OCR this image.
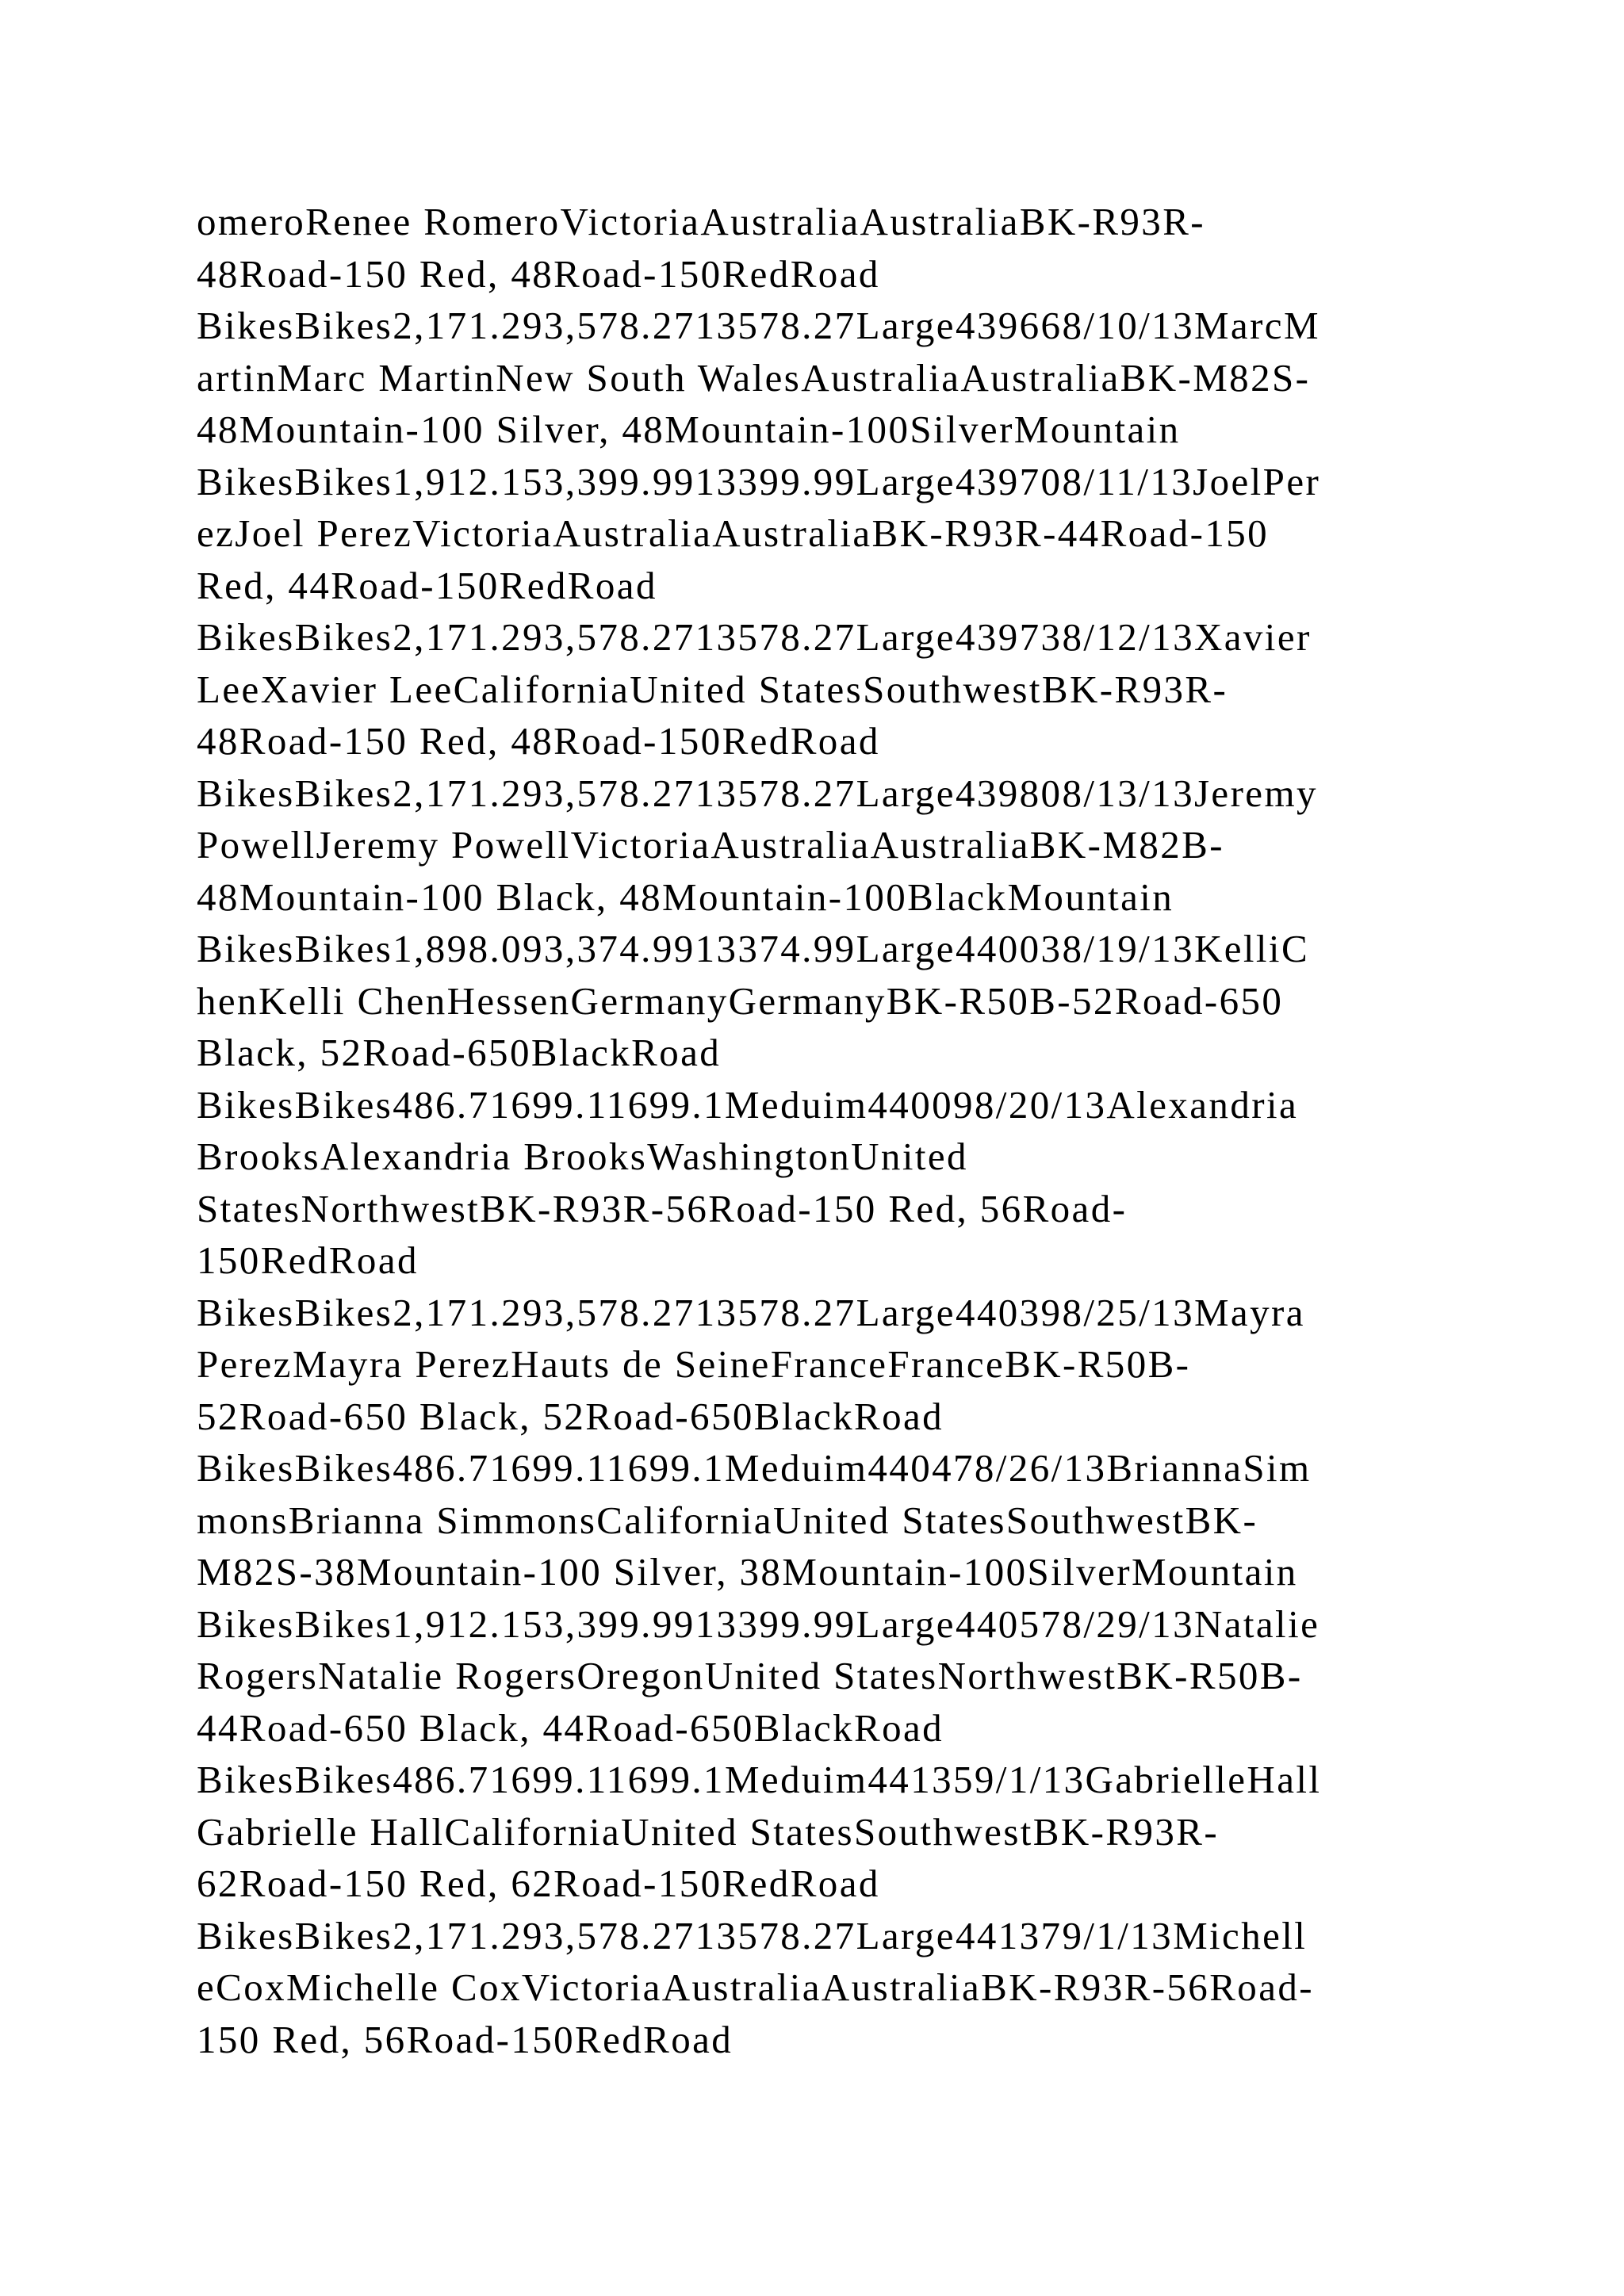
omeroRenee RomeroVictoriaAustraliaAustraliaBK-R93R-
48Road-150 Red, 48Road-150RedRoad
BikesBikes2,171.293,578.2713578.27Large439668/10/13MarcM
artinMarc MartinNew South WalesAustraliaAustraliaBK-M82S-
48Mountain-100 Silver, 48Mountain-100SilverMountain
BikesBikes1,912.153,399.9913399.99Large439708/11/13JoelPer
ezJoel PerezVictoriaAustraliaAustraliaBK-R93R-44Road-150
Red, 44Road-150RedRoad
BikesBikes2,171.293,578.2713578.27Large439738/12/13Xavier
LeeXavier LeeCaliforniaUnited StatesSouthwestBK-R93R-
48Road-150 Red, 48Road-150RedRoad
BikesBikes2,171.293,578.2713578.27Large439808/13/13Jeremy
PowellJeremy PowellVictoriaAustraliaAustraliaBK-M82B-
48Mountain-100 Black, 48Mountain-100BlackMountain
BikesBikes1,898.093,374.9913374.99Large440038/19/13KelliC
henKelli ChenHessenGermanyGermanyBK-R50B-52Road-650
Black, 52Road-650BlackRoad
BikesBikes486.71699.11699.1Meduim440098/20/13Alexandria
BrooksAlexandria BrooksWashingtonUnited
StatesNorthwestBK-R93R-56Road-150 Red, 56Road-
150RedRoad
BikesBikes2,171.293,578.2713578.27Large440398/25/13Mayra
PerezMayra PerezHauts de SeineFranceFranceBK-R50B-
52Road-650 Black, 52Road-650BlackRoad
BikesBikes486.71699.11699.1Meduim440478/26/13BriannaSim
monsBrianna SimmonsCaliforniaUnited StatesSouthwestBK-
M82S-38Mountain-100 Silver, 38Mountain-100SilverMountain
BikesBikes1,912.153,399.9913399.99Large440578/29/13Natalie
RogersNatalie RogersOregonUnited StatesNorthwestBK-R50B-
44Road-650 Black, 44Road-650BlackRoad
BikesBikes486.71699.11699.1Meduim441359/1/13GabrielleHall
Gabrielle HallCaliforniaUnited StatesSouthwestBK-R93R-
62Road-150 Red, 62Road-150RedRoad
BikesBikes2,171.293,578.2713578.27Large441379/1/13Michell
eCoxMichelle CoxVictoriaAustraliaAustraliaBK-R93R-56Road-
150 Red, 56Road-150RedRoad
